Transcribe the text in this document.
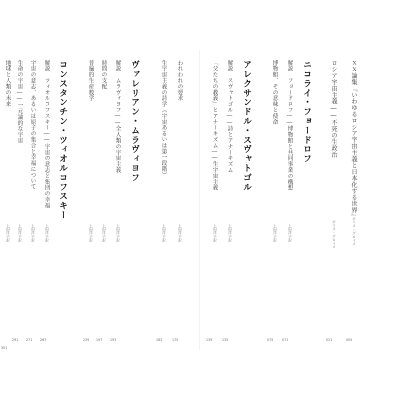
ｘｘ論集『いわゆるロシア宇宙主義と日本化する世界』
ボリス・グロイス
005
ロシア宇宙主義――不死の生政治
ボリス・グロイス
021
ニコライ・フョードロフ
解説　フョードロフ――博物館と共同事業の構想
上田洋子訳
071
博物館、その意味と使命
上田洋子訳
075
アレクサンドル・スヴャトゴル
解説　スヴャトゴル――詩とアナーキズム
上田洋子訳
135
「父たちの教義」とアナーキズム――生宇宙主義
上田洋子訳
139
われわれの要求
上田洋子訳
175
生宇宙主義の詩学（宇宙あるいは第一段階）
上田洋子訳
183
ヴァレリアン・ムラヴィヨフ
解説　ムラヴィヨフ――全人類の宇宙主義
上田洋子訳
193
時間の支配
上田洋子訳
197
普遍的生産数学
上田洋子訳
235
コンスタンチン・ツィオルコフスキー
解説　ツィオルコフスキー――宇宙の意志と集団の幸福
上田洋子訳
267
宇宙の意志、あるいは原子の集合と幸福について
上田洋子訳
271
生命の宇宙――一元論的な宇宙
上田洋子訳
291
地球と人類の未来
上田洋子訳
301
